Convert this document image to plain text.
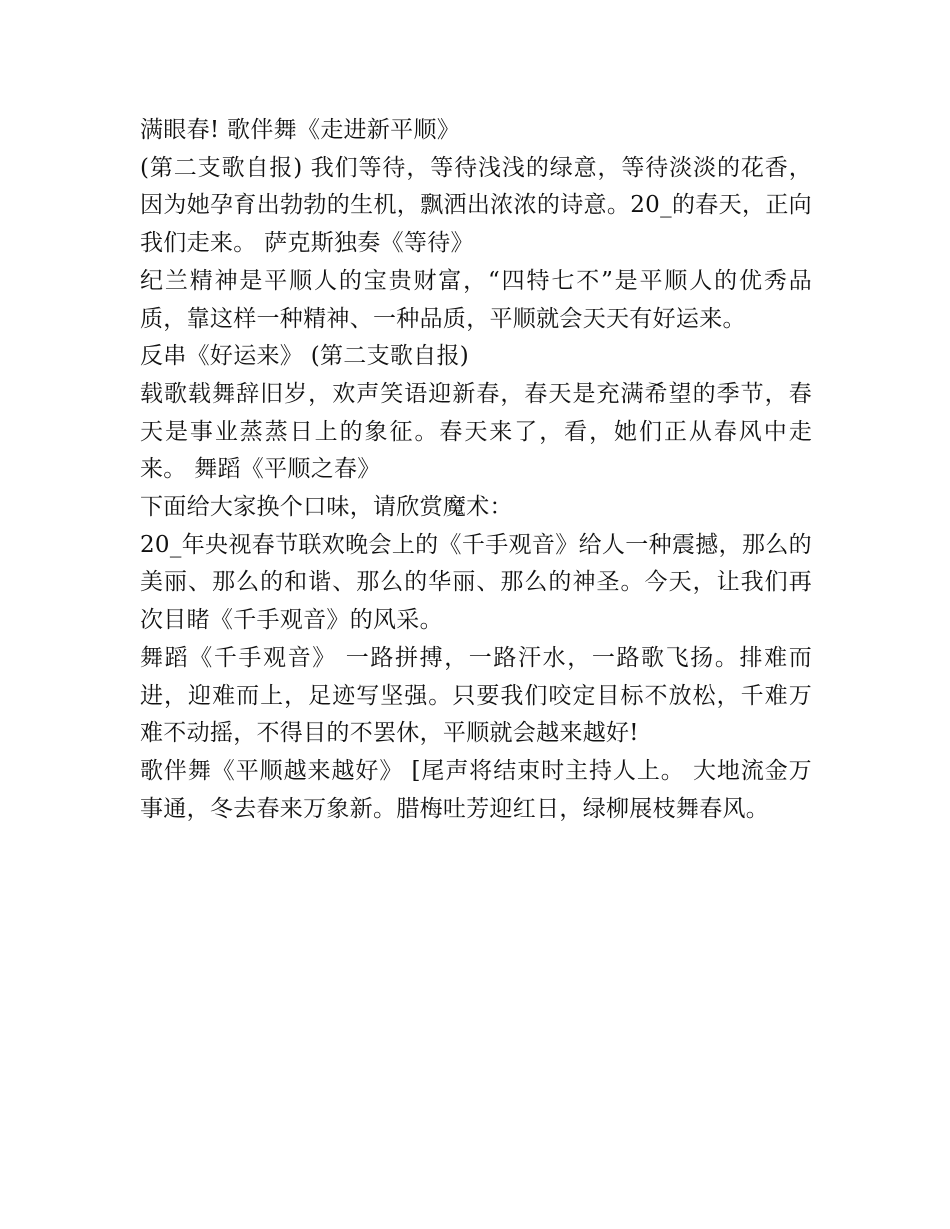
满眼春! 歌伴舞《走进新平顺》

(第二支歌自报) 我们等待，等待浅浅的绿意，等待淡淡的花香，因为她孕育出勃勃的生机，飘洒出浓浓的诗意。20_的春天，正向我们走来。 萨克斯独奏《等待》

纪兰精神是平顺人的宝贵财富，“四特七不”是平顺人的优秀品质，靠这样一种精神、一种品质，平顺就会天天有好运来。

反串《好运来》 (第二支歌自报)

载歌载舞辞旧岁，欢声笑语迎新春，春天是充满希望的季节，春天是事业蒸蒸日上的象征。春天来了，看，她们正从春风中走来。 舞蹈《平顺之春》

下面给大家换个口味，请欣赏魔术：

20_年央视春节联欢晚会上的《千手观音》给人一种震撼，那么的美丽、那么的和谐、那么的华丽、那么的神圣。今天，让我们再次目睹《千手观音》的风采。

舞蹈《千手观音》 一路拼搏，一路汗水，一路歌飞扬。排难而进，迎难而上，足迹写坚强。只要我们咬定目标不放松，千难万难不动摇，不得目的不罢休，平顺就会越来越好!

歌伴舞《平顺越来越好》 [尾声将结束时主持人上。 大地流金万事通，冬去春来万象新。腊梅吐芳迎红日，绿柳展枝舞春风。
